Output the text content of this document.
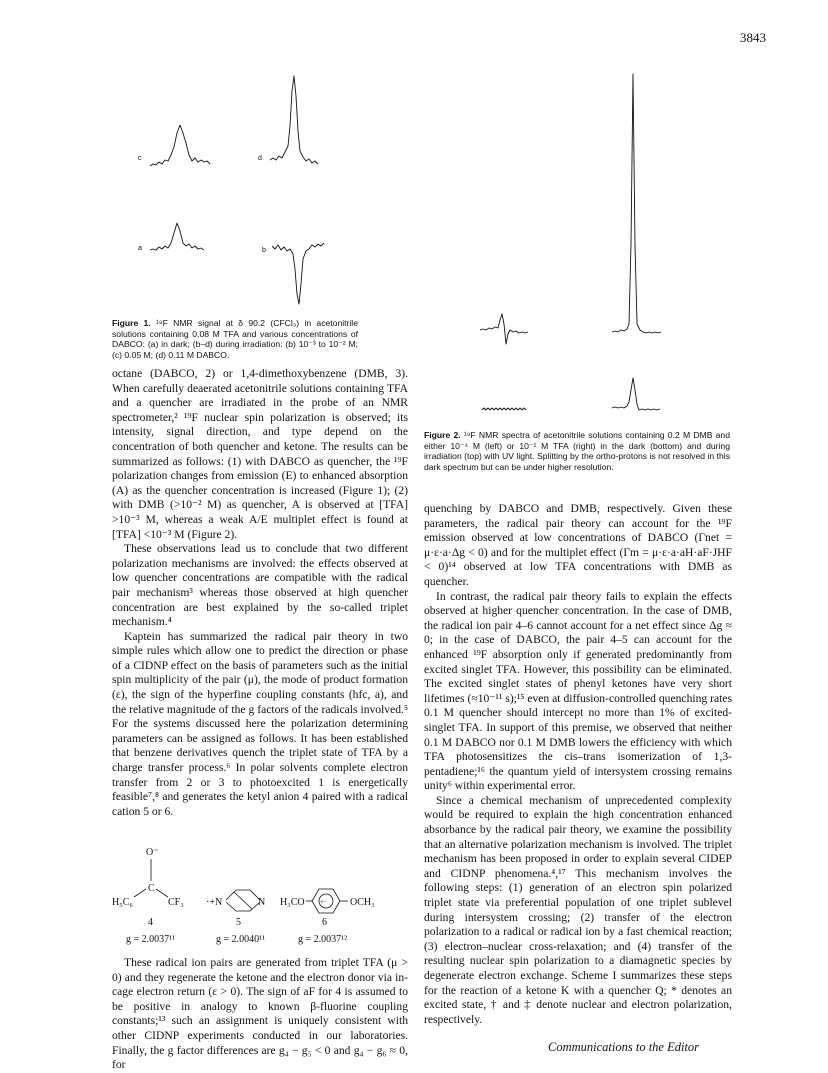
3843
c	d
a	b
Figure 1. ¹⁹F NMR signal at δ 90.2 (CFCl₃) in acetonitrile solutions containing 0.08 M TFA and various concentrations of DABCO: (a) in dark; (b–d) during irradiation: (b) 10⁻³ to 10⁻² M; (c) 0.05 M; (d) 0.11 M DABCO.
Figure 2. ¹⁹F NMR spectra of acetonitrile solutions containing 0.2 M DMB and either 10⁻⁴ M (left) or 10⁻¹ M TFA (right) in the dark (bottom) and during irradiation (top) with UV light. Splitting by the ortho-protons is not resolved in this dark spectrum but can be under higher resolution.

octane (DABCO, 2) or 1,4-dimethoxybenzene (DMB, 3). When carefully deaerated acetonitrile solutions containing TFA and a quencher are irradiated in the probe of an NMR spectrometer,² ¹⁹F nuclear spin polarization is observed; its intensity, signal direction, and type depend on the concentration of both quencher and ketone. The results can be summarized as follows: (1) with DABCO as quencher, the ¹⁹F polarization changes from emission (E) to enhanced absorption (A) as the quencher concentration is increased (Figure 1); (2) with DMB (>10⁻² M) as quencher, A is observed at [TFA] >10⁻³ M, whereas a weak A/E multiplet effect is found at [TFA] <10⁻³ M (Figure 2).

These observations lead us to conclude that two different polarization mechanisms are involved: the effects observed at low quencher concentrations are compatible with the radical pair mechanism³ whereas those observed at high quencher concentration are best explained by the so-called triplet mechanism.⁴

Kaptein has summarized the radical pair theory in two simple rules which allow one to predict the direction or phase of a CIDNP effect on the basis of parameters such as the initial spin multiplicity of the pair (μ), the mode of product formation (ε), the sign of the hyperfine coupling constants (hfc, a), and the relative magnitude of the g factors of the radicals involved.⁵ For the systems discussed here the polarization determining parameters can be assigned as follows. It has been established that benzene derivatives quench the triplet state of TFA by a charge transfer process.⁶ In polar solvents complete electron transfer from 2 or 3 to photoexcited 1 is energetically feasible⁷,⁸ and generates the ketyl anion 4 paired with a radical cation 5 or 6.

O⁻
C
H₅C₆	CF₃
4
g = 2.0037¹¹
·+N	N
5
g = 2.0040¹¹
H₃CO +· OCH₃
6
g = 2.0037¹²

These radical ion pairs are generated from triplet TFA (μ > 0) and they regenerate the ketone and the electron donor via in-cage electron return (ε > 0). The sign of aF for 4 is assumed to be positive in analogy to known β-fluorine coupling constants;¹³ such an assignment is uniquely consistent with other CIDNP experiments conducted in our laboratories. Finally, the g factor differences are g₄ − g₅ < 0 and g₄ − g₆ ≈ 0, for

quenching by DABCO and DMB, respectively. Given these parameters, the radical pair theory can account for the ¹⁹F emission observed at low concentrations of DABCO (Γnet = μ·ε·a·Δg < 0) and for the multiplet effect (Γm = μ·ε·a·aH·aF·JHF < 0)¹⁴ observed at low TFA concentrations with DMB as quencher.

In contrast, the radical pair theory fails to explain the effects observed at higher quencher concentration. In the case of DMB, the radical ion pair 4–6 cannot account for a net effect since Δg ≈ 0; in the case of DABCO, the pair 4–5 can account for the enhanced ¹⁹F absorption only if generated predominantly from excited singlet TFA. However, this possibility can be eliminated. The excited singlet states of phenyl ketones have very short lifetimes (≈10⁻¹¹ s);¹⁵ even at diffusion-controlled quenching rates 0.1 M quencher should intercept no more than 1% of excited-singlet TFA. In support of this premise, we observed that neither 0.1 M DABCO nor 0.1 M DMB lowers the efficiency with which TFA photosensitizes the cis–trans isomerization of 1,3-pentadiene;¹⁶ the quantum yield of intersystem crossing remains unity⁶ within experimental error.

Since a chemical mechanism of unprecedented complexity would be required to explain the high concentration enhanced absorbance by the radical pair theory, we examine the possibility that an alternative polarization mechanism is involved. The triplet mechanism has been proposed in order to explain several CIDEP and CIDNP phenomena.⁴,¹⁷ This mechanism involves the following steps: (1) generation of an electron spin polarized triplet state via preferential population of one triplet sublevel during intersystem crossing; (2) transfer of the electron polarization to a radical or radical ion by a fast chemical reaction; (3) electron–nuclear cross-relaxation; and (4) transfer of the resulting nuclear spin polarization to a diamagnetic species by degenerate electron exchange. Scheme I summarizes these steps for the reaction of a ketone K with a quencher Q; * denotes an excited state, † and ‡ denote nuclear and electron polarization, respectively.

Communications to the Editor
